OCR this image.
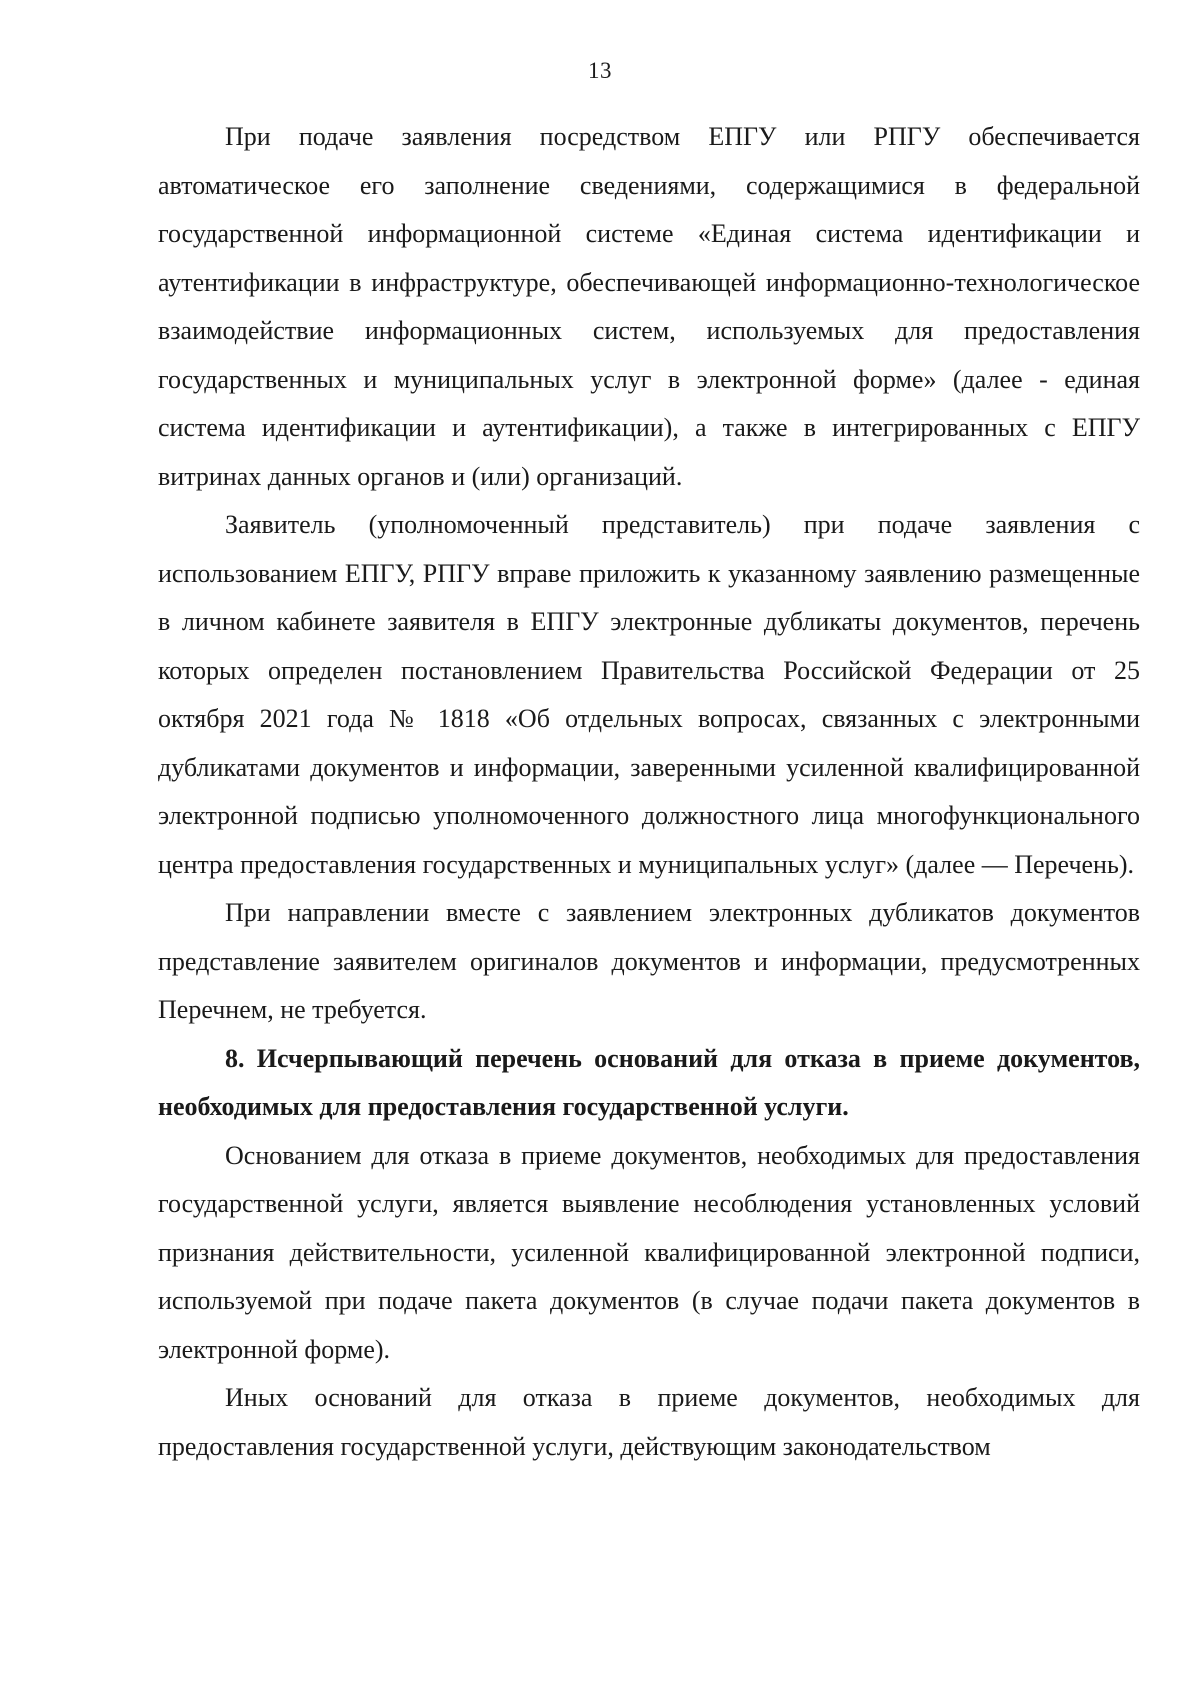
13

При подаче заявления посредством ЕПГУ или РПГУ обеспечивается автоматическое его заполнение сведениями, содержащимися в федеральной государственной информационной системе «Единая система идентификации и аутентификации в инфраструктуре, обеспечивающей информационно-технологическое взаимодействие информационных систем, используемых для предоставления государственных и муниципальных услуг в электронной форме» (далее - единая система идентификации и аутентификации), а также в интегрированных с ЕПГУ витринах данных органов и (или) организаций.

Заявитель (уполномоченный представитель) при подаче заявления с использованием ЕПГУ, РПГУ вправе приложить к указанному заявлению размещенные в личном кабинете заявителя в ЕПГУ электронные дубликаты документов, перечень которых определен постановлением Правительства Российской Федерации от 25 октября 2021 года № 1818 «Об отдельных вопросах, связанных с электронными дубликатами документов и информации, заверенными усиленной квалифицированной электронной подписью уполномоченного должностного лица многофункционального центра предоставления государственных и муниципальных услуг» (далее — Перечень).

При направлении вместе с заявлением электронных дубликатов документов представление заявителем оригиналов документов и информации, предусмотренных Перечнем, не требуется.

8. Исчерпывающий перечень оснований для отказа в приеме документов, необходимых для предоставления государственной услуги.

Основанием для отказа в приеме документов, необходимых для предоставления государственной услуги, является выявление несоблюдения установленных условий признания действительности, усиленной квалифицированной электронной подписи, используемой при подаче пакета документов (в случае подачи пакета документов в электронной форме).

Иных оснований для отказа в приеме документов, необходимых для предоставления государственной услуги, действующим законодательством
